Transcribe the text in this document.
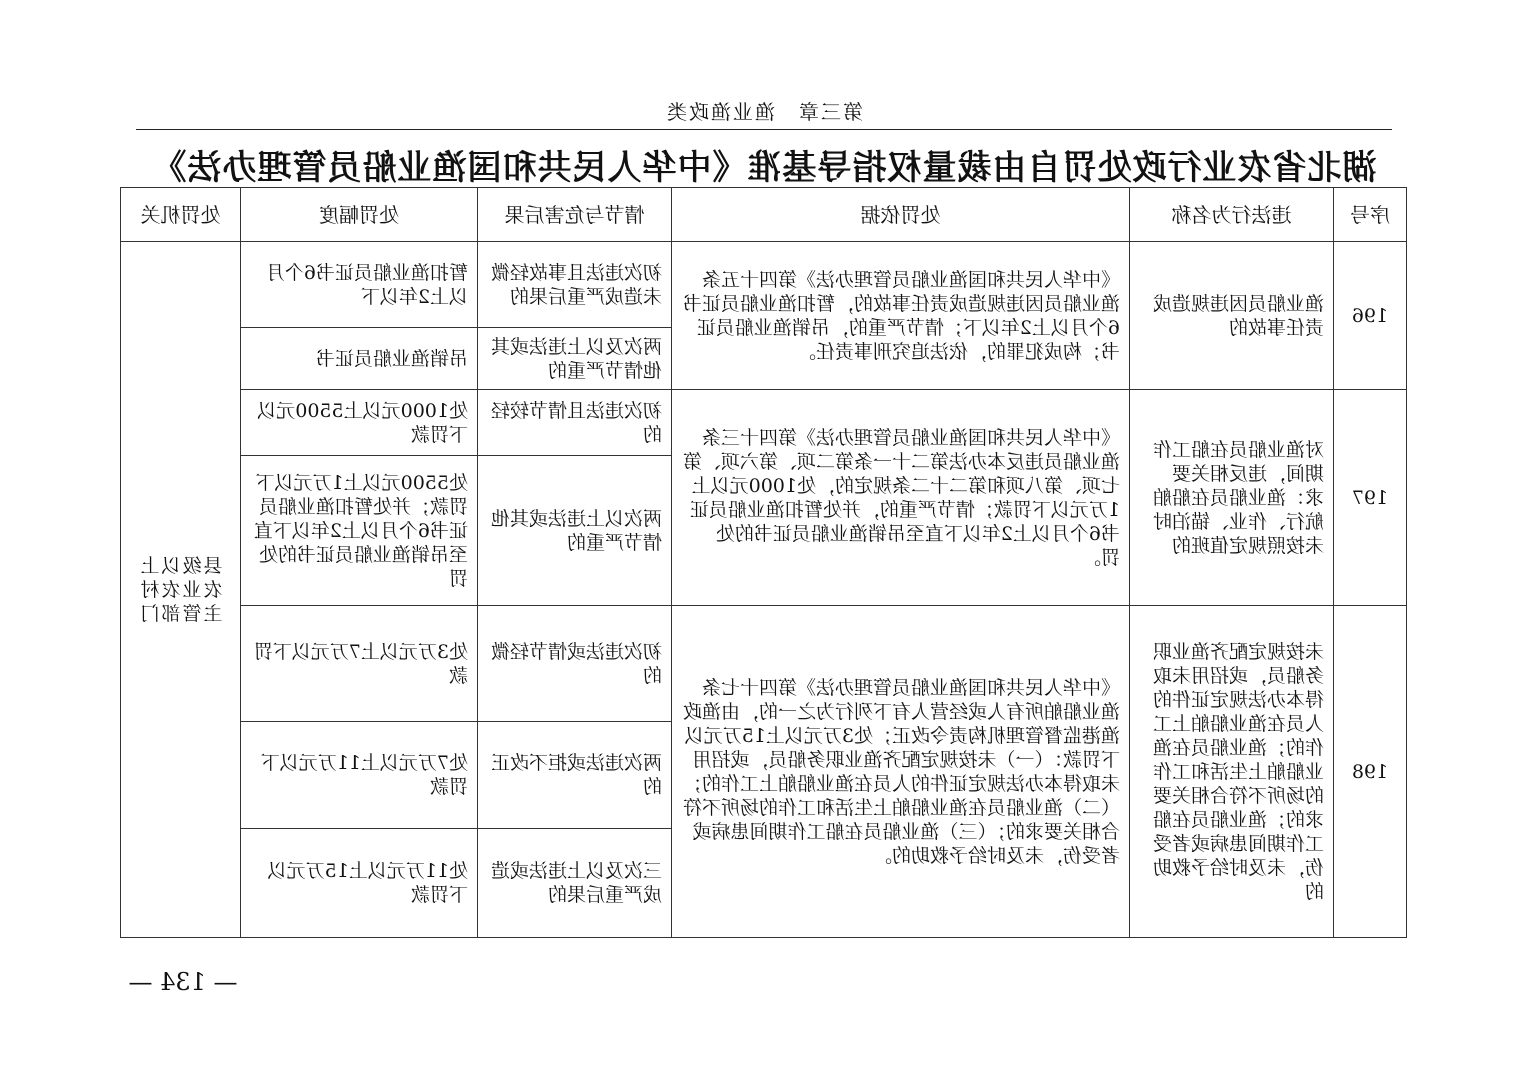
第三章　渔业渔政类
湖北省农业行政处罚自由裁量权指导基准《中华人民共和国渔业船员管理办法》
序号	违法行为名称	处罚依据	情节与危害后果	处罚幅度	处罚机关
196	渔业船员因违规造成责任事故的	《中华人民共和国渔业船员管理办法》第四十五条 渔业船员因违规造成责任事故的，暂扣渔业船员证书6个月以上2年以下；情节严重的，吊销渔业船员证书；构成犯罪的，依法追究刑事责任。	初次违法且事故轻微未造成严重后果的	暂扣渔业船员证书6个月以上2年以下	县级以上农业农村主管部门
			两次及以上违法或其他情节严重的	吊销渔业船员证书	
197	对渔业船员在船工作期间，违反相关要求：渔业船员在船舶航行、作业、锚泊时未按照规定值班的	《中华人民共和国渔业船员管理办法》第四十三条 渔业船员违反本办法第二十一条第二项、第六项、第七项、第八项和第二十二条规定的，处1000元以上1万元以下罚款；情节严重的，并处暂扣渔业船员证书6个月以上2年以下直至吊销渔业船员证书的处罚。	初次违法且情节较轻的	处1000元以上5500元以下罚款	
			两次以上违法或其他情节严重的	处5500元以上1万元以下罚款；并处暂扣渔业船员证书6个月以上2年以下直至吊销渔业船员证书的处罚	
198	未按规定配齐渔业职务船员，或招用未取得本办法规定证件的人员在渔业船舶上工作的；渔业船员在渔业船舶上生活和工作的场所不符合相关要求的；渔业船员在船工作期间患病或者受伤，未及时给予救助的	《中华人民共和国渔业船员管理办法》第四十七条 渔业船舶所有人或经营人有下列行为之一的，由渔政渔港监督管理机构责令改正；处3万元以上15万元以下罚款：（一）未按规定配齐渔业职务船员，或招用未取得本办法规定证件的人员在渔业船舶上工作的；（二）渔业船员在渔业船舶上生活和工作的场所不符合相关要求的；（三）渔业船员在船工作期间患病或者受伤，未及时给予救助的。	初次违法或情节轻微的	处3万元以上7万元以下罚款	
			两次违法或拒不改正的	处7万元以上11万元以下罚款	
			三次及以上违法或造成严重后果的	处11万元以上15万元以下罚款	
— 134 —
